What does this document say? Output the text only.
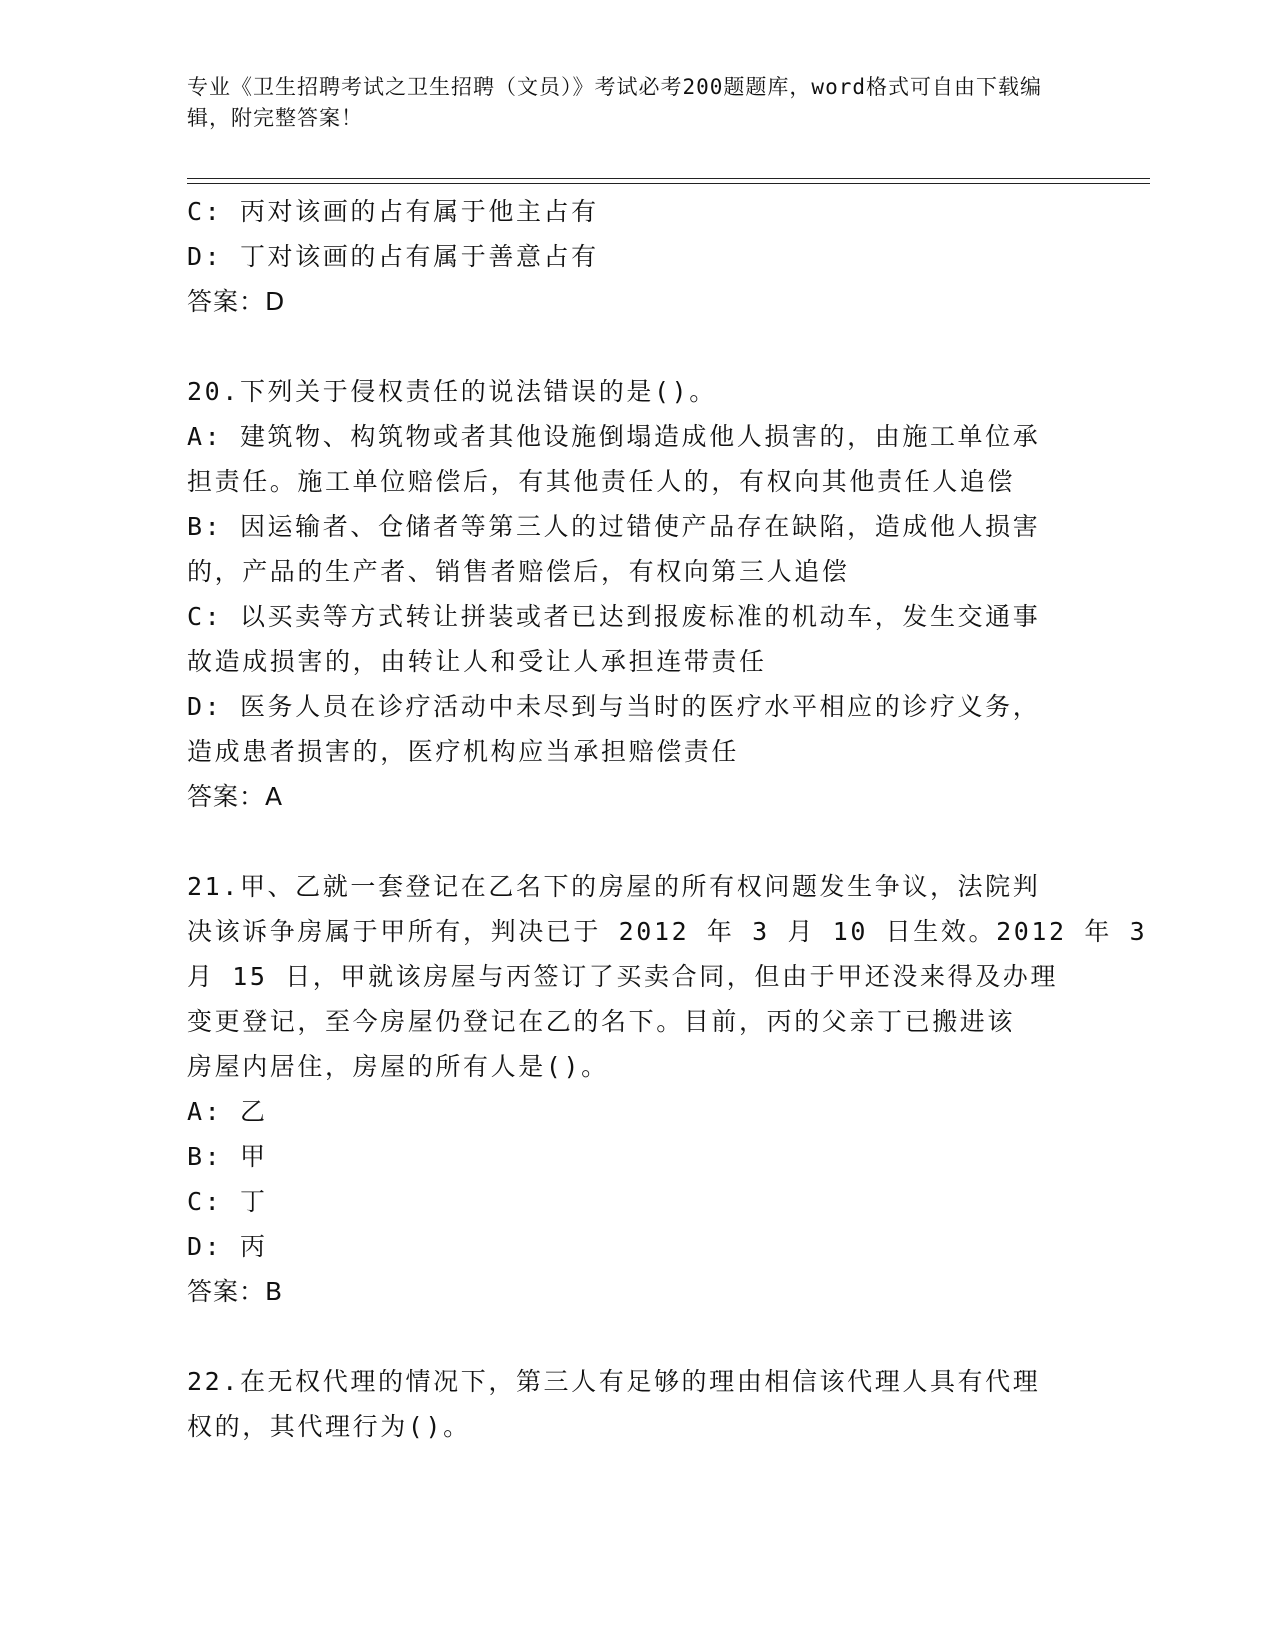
专业《卫生招聘考试之卫生招聘（文员）》考试必考200题题库，word格式可自由下载编辑，附完整答案！
C: 丙对该画的占有属于他主占有
D: 丁对该画的占有属于善意占有
答案：D
20.下列关于侵权责任的说法错误的是()。
A: 建筑物、构筑物或者其他设施倒塌造成他人损害的，由施工单位承
担责任。施工单位赔偿后，有其他责任人的，有权向其他责任人追偿
B: 因运输者、仓储者等第三人的过错使产品存在缺陷，造成他人损害
的，产品的生产者、销售者赔偿后，有权向第三人追偿
C: 以买卖等方式转让拼装或者已达到报废标准的机动车，发生交通事
故造成损害的，由转让人和受让人承担连带责任
D: 医务人员在诊疗活动中未尽到与当时的医疗水平相应的诊疗义务，
造成患者损害的，医疗机构应当承担赔偿责任
答案：A
21.甲、乙就一套登记在乙名下的房屋的所有权问题发生争议，法院判
决该诉争房属于甲所有，判决已于 2012 年 3 月 10 日生效。2012 年 3
月 15 日，甲就该房屋与丙签订了买卖合同，但由于甲还没来得及办理
变更登记，至今房屋仍登记在乙的名下。目前，丙的父亲丁已搬进该
房屋内居住，房屋的所有人是()。
A: 乙
B: 甲
C: 丁
D: 丙
答案：B
22.在无权代理的情况下，第三人有足够的理由相信该代理人具有代理
权的，其代理行为()。
